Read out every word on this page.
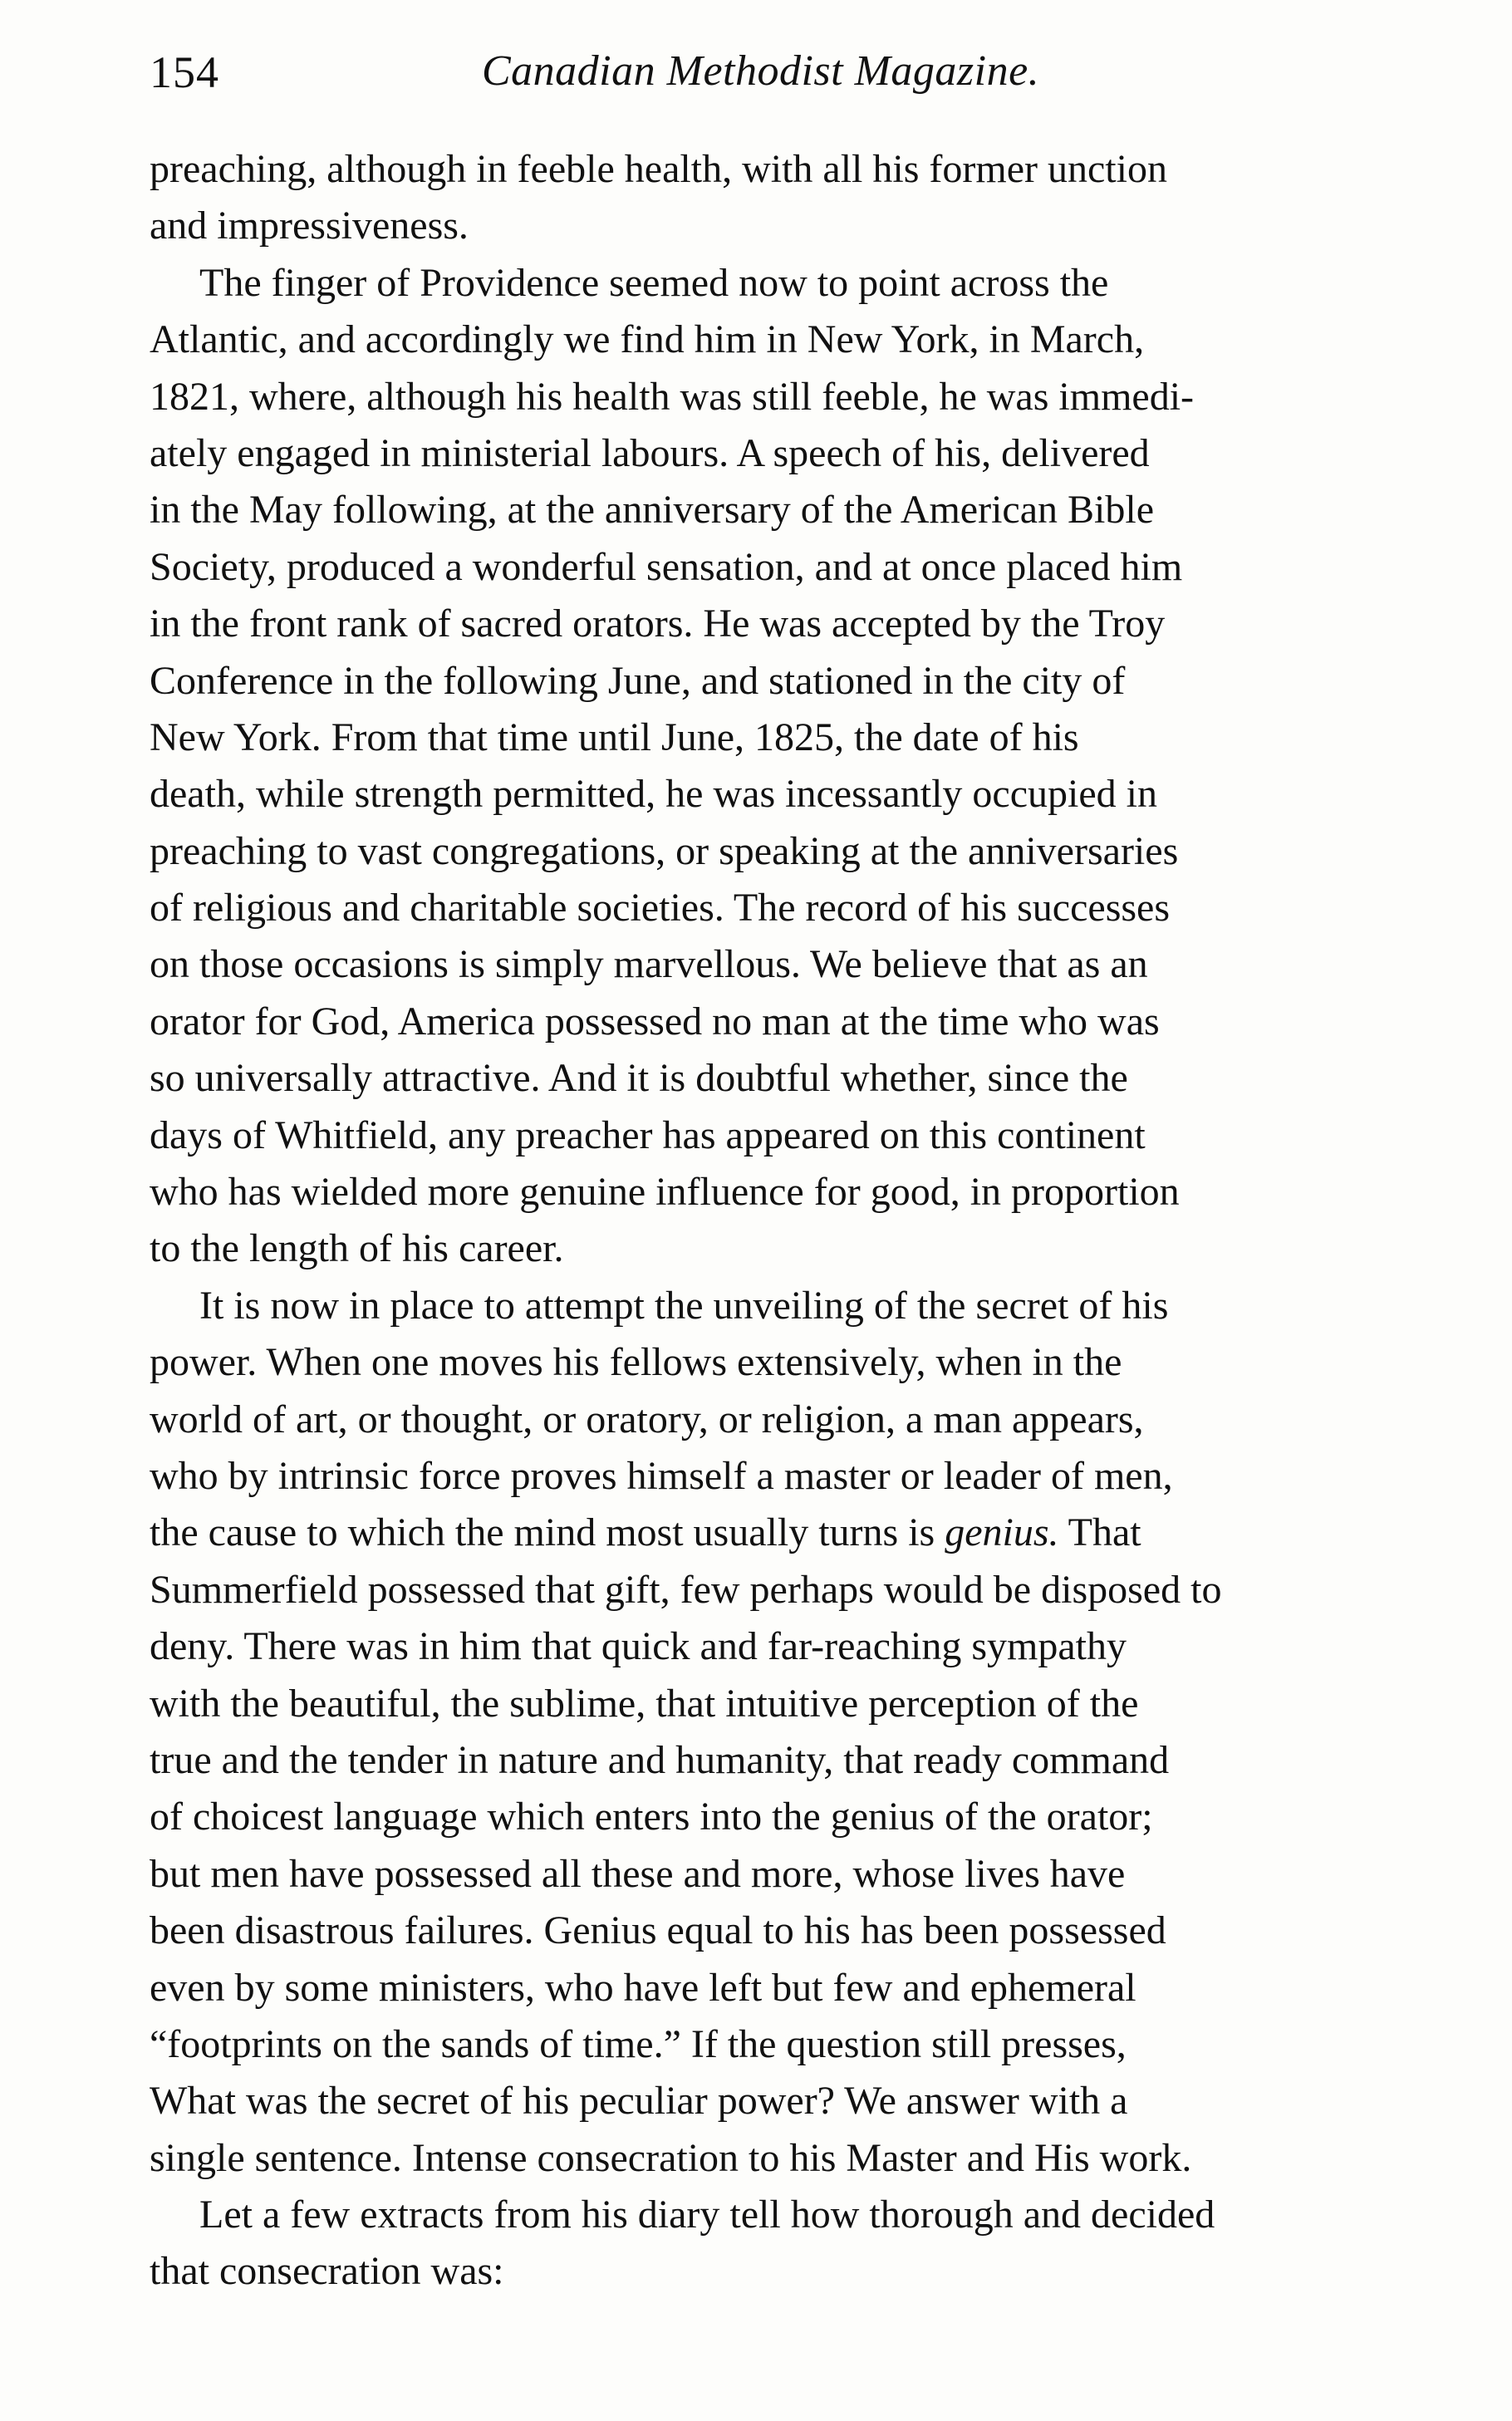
154	Canadian Methodist Magazine.
preaching, although in feeble health, with all his former unction
and impressiveness.
The finger of Providence seemed now to point across the
Atlantic, and accordingly we find him in New York, in March,
1821, where, although his health was still feeble, he was immedi-
ately engaged in ministerial labours. A speech of his, delivered
in the May following, at the anniversary of the American Bible
Society, produced a wonderful sensation, and at once placed him
in the front rank of sacred orators. He was accepted by the Troy
Conference in the following June, and stationed in the city of
New York. From that time until June, 1825, the date of his
death, while strength permitted, he was incessantly occupied in
preaching to vast congregations, or speaking at the anniversaries
of religious and charitable societies. The record of his successes
on those occasions is simply marvellous. We believe that as an
orator for God, America possessed no man at the time who was
so universally attractive. And it is doubtful whether, since the
days of Whitfield, any preacher has appeared on this continent
who has wielded more genuine influence for good, in proportion
to the length of his career.
It is now in place to attempt the unveiling of the secret of his
power. When one moves his fellows extensively, when in the
world of art, or thought, or oratory, or religion, a man appears,
who by intrinsic force proves himself a master or leader of men,
the cause to which the mind most usually turns is genius. That
Summerfield possessed that gift, few perhaps would be disposed to
deny. There was in him that quick and far-reaching sympathy
with the beautiful, the sublime, that intuitive perception of the
true and the tender in nature and humanity, that ready command
of choicest language which enters into the genius of the orator;
but men have possessed all these and more, whose lives have
been disastrous failures. Genius equal to his has been possessed
even by some ministers, who have left but few and ephemeral
“footprints on the sands of time.” If the question still presses,
What was the secret of his peculiar power? We answer with a
single sentence. Intense consecration to his Master and His work.
Let a few extracts from his diary tell how thorough and decided
that consecration was:
